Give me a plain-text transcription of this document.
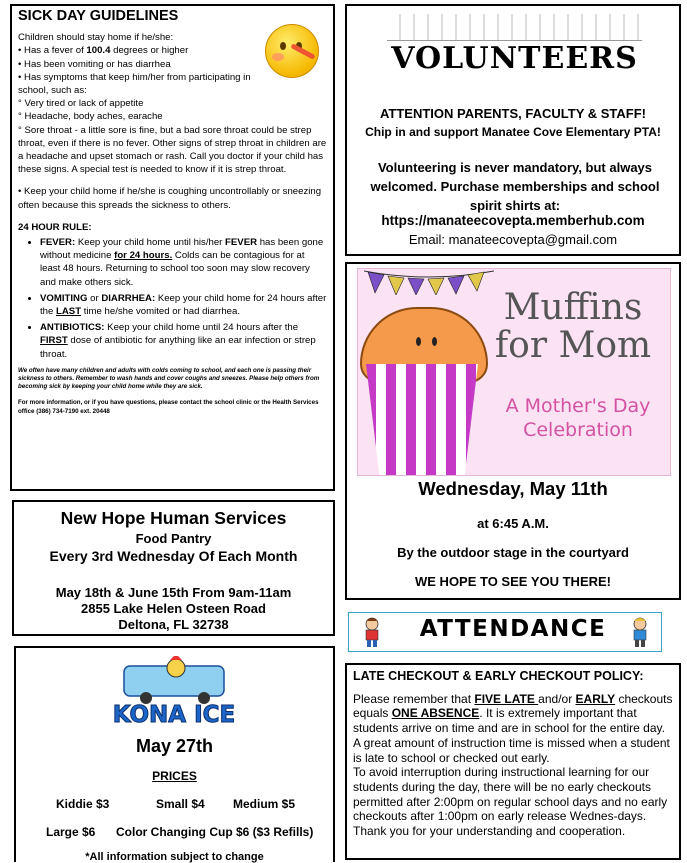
SICK DAY GUIDELINES

Children should stay home if he/she:

• Has a fever of 100.4 degrees or higher

• Has been vomiting or has diarrhea

• Has symptoms that keep him/her from participating in school, such as:

° Very tired or lack of appetite

° Headache, body aches, earache

° Sore throat - a little sore is fine, but a bad sore throat could be strep throat, even if there is no fever. Other signs of strep throat in children are a headache and upset stomach or rash. Call you doctor if your child has these signs. A special test is needed to know if it is strep throat.

• Keep your child home if he/she is coughing uncontrollably or sneezing often because this spreads the sickness to others.

24 HOUR RULE:

• FEVER: Keep your child home until his/her FEVER has been gone without medicine for 24 hours. Colds can be contagious for at least 48 hours. Returning to school too soon may slow recovery and make others sick.
• VOMITING or DIARRHEA: Keep your child home for 24 hours after the LAST time he/she vomited or had diarrhea.
• ANTIBIOTICS: Keep your child home until 24 hours after the FIRST dose of antibiotic for anything like an ear infection or strep throat.

We often have many children and adults with colds coming to school, and each one is passing their sickness to others. Remember to wash hands and cover coughs and sneezes. Please help others from becoming sick by keeping your child home while they are sick.

For more information, or if you have questions, please contact the school clinic or the Health Services office (386) 734-7190 ext. 20448

VOLUNTEERS
ATTENTION PARENTS, FACULTY & STAFF!
Chip in and support Manatee Cove Elementary PTA!
Volunteering is never mandatory, but always welcomed. Purchase memberships and school spirit shirts at:
https://manateecovepta.memberhub.com
Email: manateecovepta@gmail.com
Muffins for Mom
A Mother's Day Celebration
Wednesday, May 11th
at 6:45 A.M.
By the outdoor stage in the courtyard
WE HOPE TO SEE YOU THERE!
New Hope Human Services
Food Pantry
Every 3rd Wednesday Of Each Month
May 18th & June 15th From 9am-11am
2855 Lake Helen Osteen Road
Deltona, FL 32738	ATTENDANCE
KONA ICE
May 27th
PRICES
Kiddie $3	Small $4 Medium $5
Large $6 Color Changing Cup $6 ($3 Refills)
*All information subject to change
LATE CHECKOUT & EARLY CHECKOUT POLICY:

Please remember that FIVE LATE and/or EARLY checkouts equals ONE ABSENCE. It is extremely important that students arrive on time and are in school for the entire day. A great amount of instruction time is missed when a student is late to school or checked out early.

To avoid interruption during instructional learning for our students during the day, there will be no early checkouts permitted after 2:00pm on regular school days and no early checkouts after 1:00pm on early release Wednes-days. Thank you for your understanding and cooperation.
